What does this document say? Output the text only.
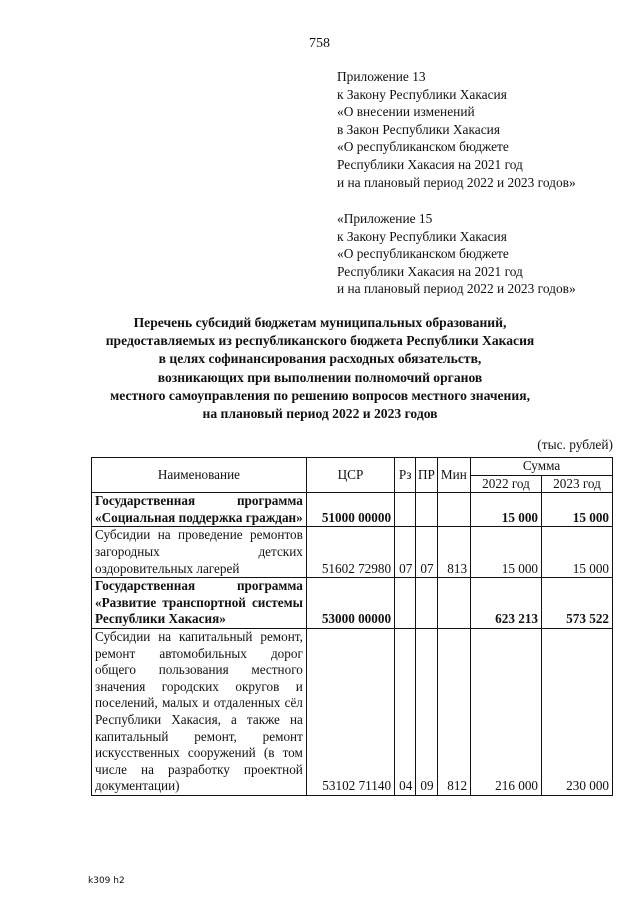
758
Приложение 13
к Закону Республики Хакасия
«О внесении изменений
в Закон Республики Хакасия
«О республиканском бюджете
Республики Хакасия на 2021 год
и на плановый период 2022 и 2023 годов»
«Приложение 15
к Закону Республики Хакасия
«О республиканском бюджете
Республики Хакасия на 2021 год
и на плановый период 2022 и 2023 годов»
Перечень субсидий бюджетам муниципальных образований,
предоставляемых из республиканского бюджета Республики Хакасия
в целях софинансирования расходных обязательств,
возникающих при выполнении полномочий органов
местного самоуправления по решению вопросов местного значения,
на плановый период 2022 и 2023 годов
(тыс. рублей)
Наименование	ЦСР	Рз	ПР	Мин	Сумма	
					2022 год	2023 год
Государственная программа «Социальная поддержка граждан»	51000 00000				15 000	15 000
Субсидии на проведение ремонтов загородных детских оздоровительных лагерей	51602 72980	07	07	813	15 000	15 000
Государственная программа «Развитие транспортной системы Республики Хакасия»	53000 00000				623 213	573 522
Субсидии на капитальный ремонт, ремонт автомобильных дорог общего пользования местного значения городских округов и поселений, малых и отдаленных сёл Республики Хакасия, а также на капитальный ремонт, ремонт искусственных сооружений (в том числе на разработку проектной документации)	53102 71140	04	09	812	216 000	230 000
k309 h2
